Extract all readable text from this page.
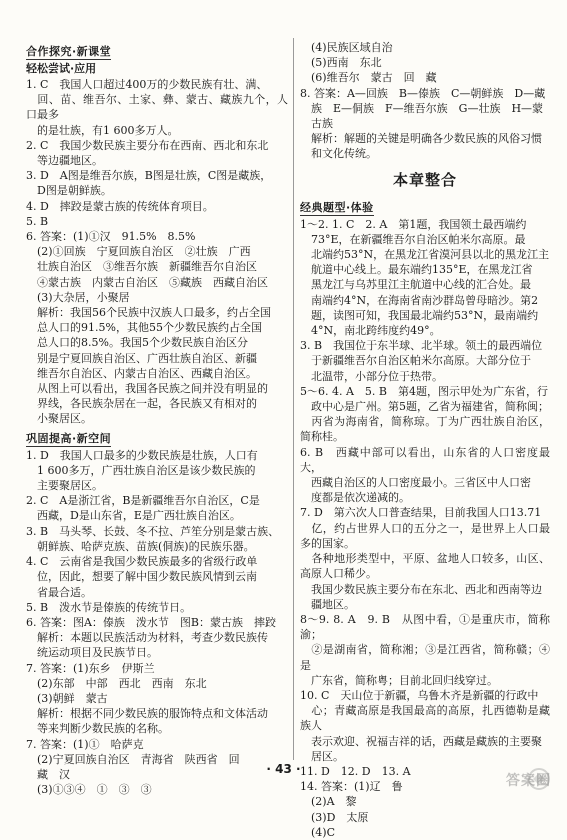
合作探究·新课堂
轻松尝试·应用
1. C　我国人口超过400万的少数民族有壮、满、
　回、苗、维吾尔、土家、彝、蒙古、藏族九个，人口最多
　的是壮族，有1 600多万人。
2. C　我国少数民族主要分布在西南、西北和东北
　等边疆地区。
3. D　A图是维吾尔族，B图是壮族，C图是藏族，
　D图是朝鲜族。
4. D　摔跤是蒙古族的传统体育项目。
5. B
6. 答案：(1)①汉　91.5%　8.5%
　(2)①回族　宁夏回族自治区　②壮族　广西
　壮族自治区　③维吾尔族　新疆维吾尔自治区
　④蒙古族　内蒙古自治区　⑤藏族　西藏自治区
　(3)大杂居，小聚居
　解析：我国56个民族中汉族人口最多，约占全国
　总人口的91.5%，其他55个少数民族约占全国
　总人口的8.5%。我国5个少数民族自治区分
　别是宁夏回族自治区、广西壮族自治区、新疆
　维吾尔自治区、内蒙古自治区、西藏自治区。
　从图上可以看出，我国各民族之间并没有明显的
　界线，各民族杂居在一起，各民族又有相对的
　小聚居区。
巩固提高·新空间
1. D　我国人口最多的少数民族是壮族，人口有
　1 600多万，广西壮族自治区是该少数民族的
　主要聚居区。
2. C　A是浙江省，B是新疆维吾尔自治区，C是
　西藏，D是山东省，E是广西壮族自治区。
3. B　马头琴、长鼓、冬不拉、芦笙分别是蒙古族、
　朝鲜族、哈萨克族、苗族(侗族)的民族乐器。
4. C　云南省是我国少数民族最多的省级行政单
　位，因此，想要了解中国少数民族风情到云南
　省最合适。
5. B　泼水节是傣族的传统节日。
6. 答案：图A：傣族　泼水节　图B：蒙古族　摔跤
　解析：本题以民族活动为材料，考查少数民族传
　统运动项目及民族节日。
7. 答案：(1)东乡　伊斯兰
　(2)东部　中部　西北　西南　东北
　(3)朝鲜　蒙古
　解析：根据不同少数民族的服饰特点和文体活动
　等来判断少数民族的名称。
7. 答案：(1)①　哈萨克
　(2)宁夏回族自治区　青海省　陕西省　回
　藏　汉
　(3)①③④　①　③　③
　(4)民族区域自治
　(5)西南　东北
　(6)维吾尔　蒙古　回　藏
8. 答案：A—回族　B—傣族　C—朝鲜族　D—藏
　族　E—侗族　F—维吾尔族　G—壮族　H—蒙
　古族
　解析：解题的关键是明确各少数民族的风俗习惯
　和文化传统。
本章整合
经典题型·体验
1～2. 1. C　2. A　第1题，我国领土最西端约
　73°E，在新疆维吾尔自治区帕米尔高原。最
　北端约53°N，在黑龙江省漠河县以北的黑龙江主
　航道中心线上。最东端约135°E，在黑龙江省
　黑龙江与乌苏里江主航道中心线的汇合处。最
　南端约4°N，在海南省南沙群岛曾母暗沙。第2
　题，读图可知，我国最北端约53°N，最南端约
　4°N，南北跨纬度约49°。
3. B　我国位于东半球、北半球。领土的最西端位
　于新疆维吾尔自治区帕米尔高原。大部分位于
　北温带，小部分位于热带。
5～6. 4. A　5. B　第4题，图示甲处为广东省，行
　政中心是广州。第5题，乙省为福建省，简称闽；
　丙省为海南省，简称琼。丁为广西壮族自治区，简称桂。
6. B　西藏中部可以看出，山东省的人口密度最大，
　西藏自治区的人口密度最小。三省区中人口密
　度都是依次递减的。
7. D　第六次人口普查结果，目前我国人口13.71
　亿，约占世界人口的五分之一，是世界上人口最多的国家。
　各种地形类型中，平原、盆地人口较多，山区、高原人口稀少。
　我国少数民族主要分布在东北、西北和西南等边
　疆地区。
8～9. 8. A　9. B　从图中看，①是重庆市，简称渝；
　②是湖南省，简称湘；③是江西省，简称赣；④是
　广东省，简称粤；目前北回归线穿过。
10. C　天山位于新疆，乌鲁木齐是新疆的行政中
　心；青藏高原是我国最高的高原，扎西德勒是藏族人
　表示欢迎、祝福吉祥的话，西藏是藏族的主要聚
　居区。
11. D　12. D　13. A
14. 答案：(1)辽　鲁
　(2)A　黎
　(3)D　太原
　(4)C
· 43 ·
答案圈
